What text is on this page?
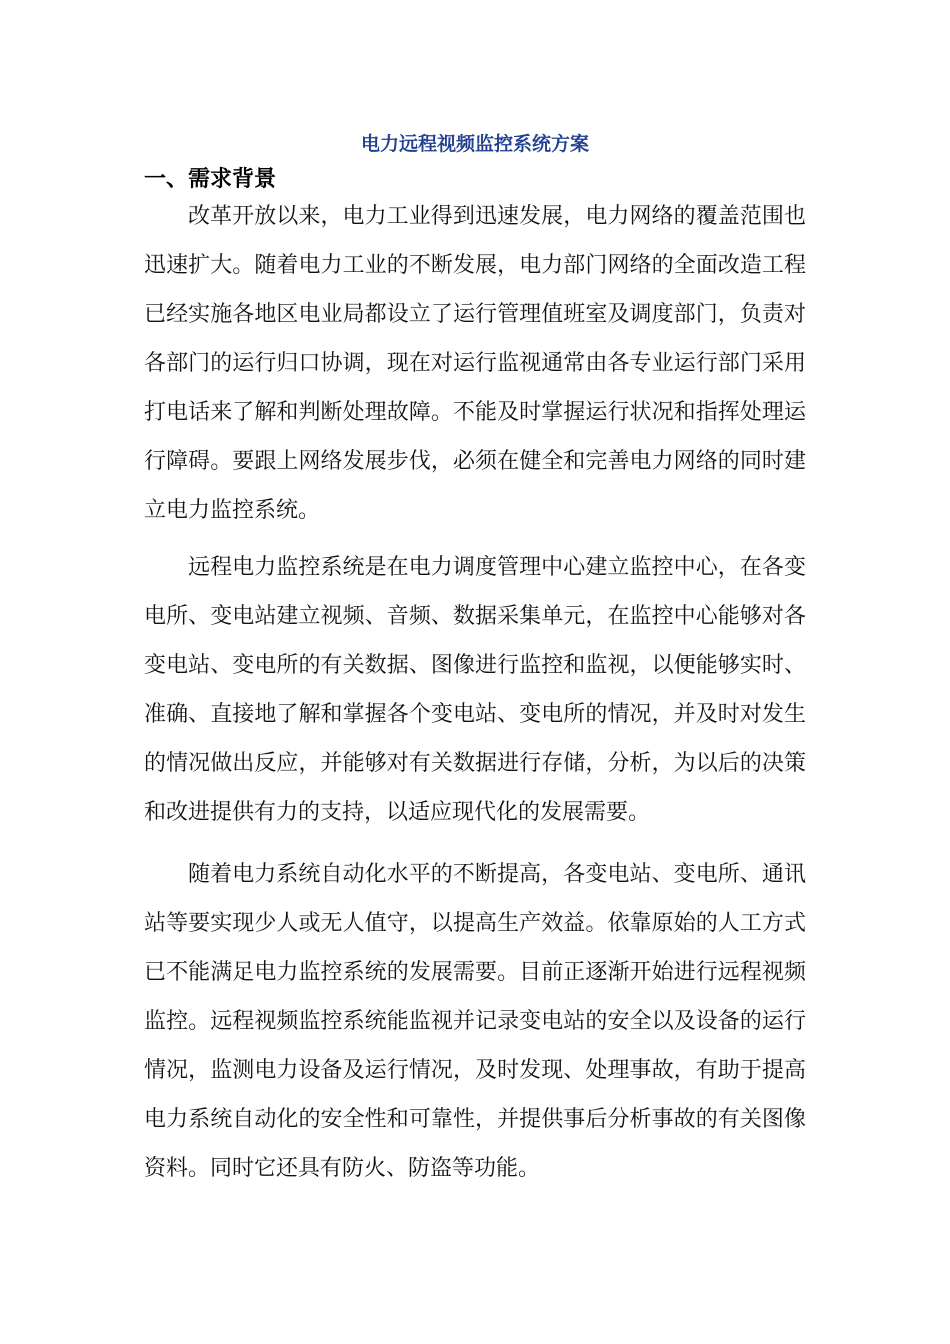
电力远程视频监控系统方案
一、需求背景

改革开放以来，电力工业得到迅速发展，电力网络的覆盖范围也迅速扩大。随着电力工业的不断发展，电力部门网络的全面改造工程已经实施各地区电业局都设立了运行管理值班室及调度部门，负责对各部门的运行归口协调，现在对运行监视通常由各专业运行部门采用打电话来了解和判断处理故障。不能及时掌握运行状况和指挥处理运行障碍。要跟上网络发展步伐，必须在健全和完善电力网络的同时建立电力监控系统。

远程电力监控系统是在电力调度管理中心建立监控中心，在各变电所、变电站建立视频、音频、数据采集单元，在监控中心能够对各变电站、变电所的有关数据、图像进行监控和监视，以便能够实时、准确、直接地了解和掌握各个变电站、变电所的情况，并及时对发生的情况做出反应，并能够对有关数据进行存储，分析，为以后的决策和改进提供有力的支持，以适应现代化的发展需要。

随着电力系统自动化水平的不断提高，各变电站、变电所、通讯站等要实现少人或无人值守，以提高生产效益。依靠原始的人工方式已不能满足电力监控系统的发展需要。目前正逐渐开始进行远程视频监控。远程视频监控系统能监视并记录变电站的安全以及设备的运行情况，监测电力设备及运行情况，及时发现、处理事故，有助于提高电力系统自动化的安全性和可靠性，并提供事后分析事故的有关图像资料。同时它还具有防火、防盗等功能。
